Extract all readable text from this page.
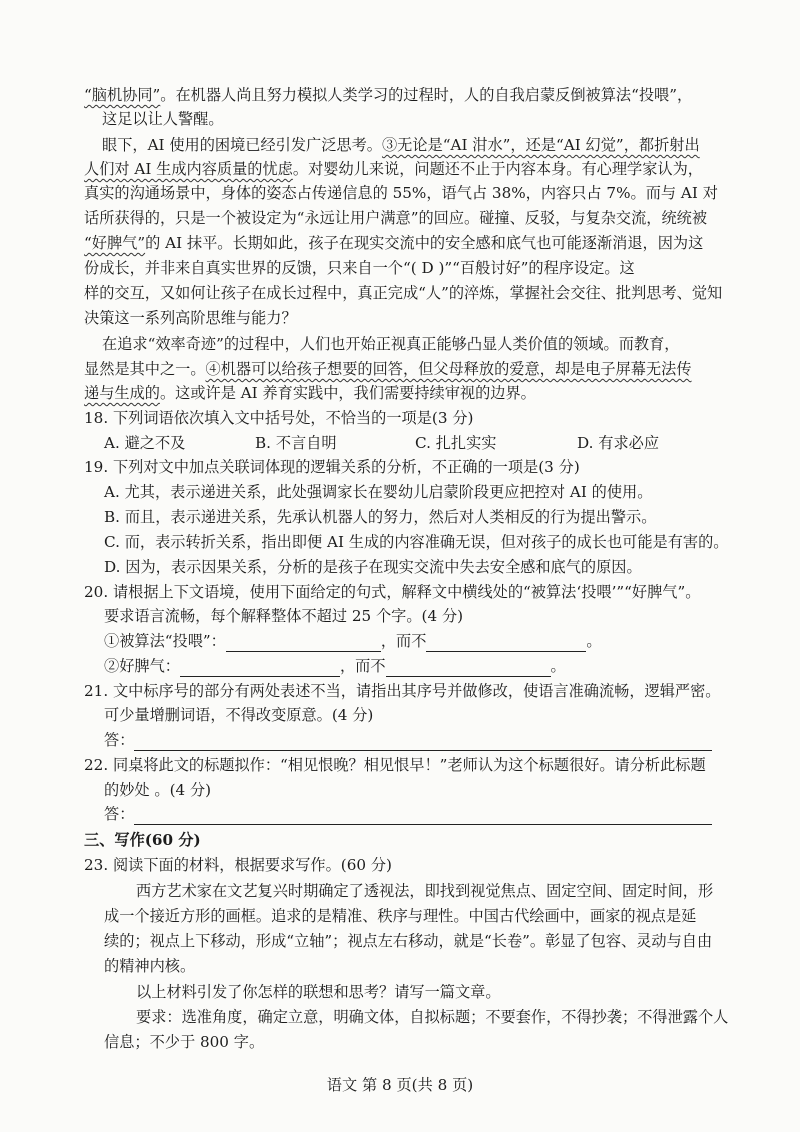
“脑机协同”。在机器人尚且努力模拟人类学习的过程时，人的自我启蒙反倒被算法“投喂”，
这足以让人警醒。
眼下，AI 使用的困境已经引发广泛思考。③无论是“AI 泔水”，还是“AI 幻觉”，都折射出
人们对 AI 生成内容质量的忧虑。对婴幼儿来说，问题还不止于内容本身。有心理学家认为，
真实的沟通场景中，身体的姿态占传递信息的 55%，语气占 38%，内容只占 7%。而与 AI 对
话所获得的，只是一个被设定为“永远让用户满意”的回应。碰撞、反驳，与复杂交流，统统被
“好脾气”的 AI 抹平。长期如此，孩子在现实交流中的安全感和底气也可能逐渐消退，因为这
份成长，并非来自真实世界的反馈，只来自一个“( D )”“百般讨好”的程序设定。这
样的交互，又如何让孩子在成长过程中，真正完成“人”的淬炼，掌握社会交往、批判思考、觉知
决策这一系列高阶思维与能力？
在追求“效率奇迹”的过程中，人们也开始正视真正能够凸显人类价值的领域。而教育，
显然是其中之一。④机器可以给孩子想要的回答，但父母释放的爱意，却是电子屏幕无法传
递与生成的。这或许是 AI 养育实践中，我们需要持续审视的边界。
18. 下列词语依次填入文中括号处，不恰当的一项是(3 分)
A. 避之不及	B. 不言自明	C. 扎扎实实	D. 有求必应
19. 下列对文中加点关联词体现的逻辑关系的分析，不正确的一项是(3 分)
A. 尤其，表示递进关系，此处强调家长在婴幼儿启蒙阶段更应把控对 AI 的使用。
B. 而且，表示递进关系，先承认机器人的努力，然后对人类相反的行为提出警示。
C. 而，表示转折关系，指出即便 AI 生成的内容准确无误，但对孩子的成长也可能是有害的。
D. 因为，表示因果关系，分析的是孩子在现实交流中失去安全感和底气的原因。
20. 请根据上下文语境，使用下面给定的句式，解释文中横线处的“被算法‘投喂’”“好脾气”。
要求语言流畅，每个解释整体不超过 25 个字。(4 分)
①被算法“投喂”：	，而不	。
②好脾气：	，而不	。
21. 文中标序号的部分有两处表述不当，请指出其序号并做修改，使语言准确流畅，逻辑严密。
可少量增删词语，不得改变原意。(4 分)
答：
22. 同桌将此文的标题拟作：“相见恨晚？相见恨早！”老师认为这个标题很好。请分析此标题
的妙处 。(4 分)
答：
三、写作(60 分)
23. 阅读下面的材料，根据要求写作。(60 分)
西方艺术家在文艺复兴时期确定了透视法，即找到视觉焦点、固定空间、固定时间，形
成一个接近方形的画框。追求的是精准、秩序与理性。中国古代绘画中，画家的视点是延
续的；视点上下移动，形成“立轴”；视点左右移动，就是“长卷”。彰显了包容、灵动与自由
的精神内核。
以上材料引发了你怎样的联想和思考？请写一篇文章。
要求：选准角度，确定立意，明确文体，自拟标题；不要套作，不得抄袭；不得泄露个人
信息；不少于 800 字。
语文 第 8 页(共 8 页)
